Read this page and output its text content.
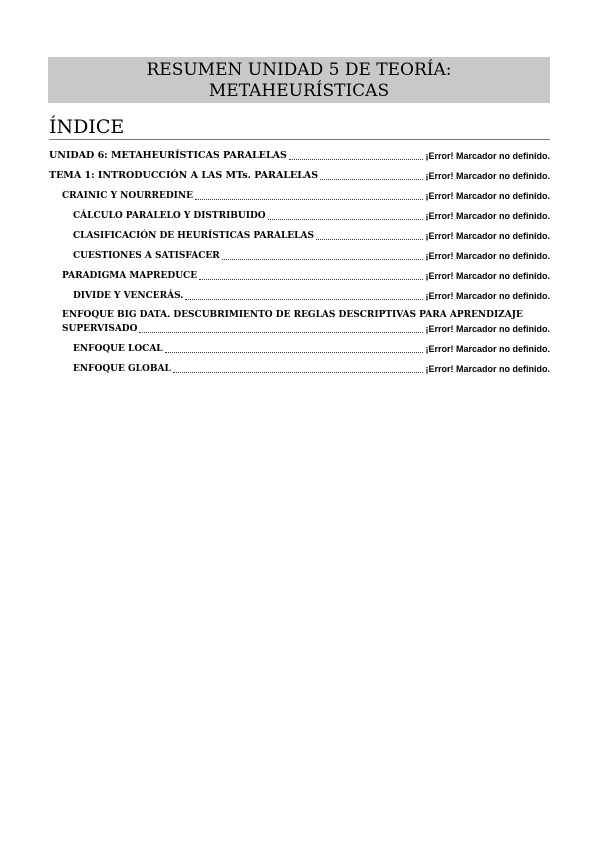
RESUMEN UNIDAD 5 DE TEORÍA:
METAHEURÍSTICAS
ÍNDICE
UNIDAD 6: METAHEURÍSTICAS PARALELAS	¡Error! Marcador no definido.
TEMA 1: INTRODUCCIÓN A LAS MTs. PARALELAS	¡Error! Marcador no definido.
CRAINIC Y NOURREDINE	¡Error! Marcador no definido.
CÁLCULO PARALELO Y DISTRIBUIDO	¡Error! Marcador no definido.
CLASIFICACIÓN DE HEURÍSTICAS PARALELAS	¡Error! Marcador no definido.
CUESTIONES A SATISFACER	¡Error! Marcador no definido.
PARADIGMA MAPREDUCE	¡Error! Marcador no definido.
DIVIDE Y VENCERÁS.	¡Error! Marcador no definido.
ENFOQUE BIG DATA. DESCUBRIMIENTO DE REGLAS DESCRIPTIVAS PARA APRENDIZAJE
SUPERVISADO	¡Error! Marcador no definido.
ENFOQUE LOCAL	¡Error! Marcador no definido.
ENFOQUE GLOBAL	¡Error! Marcador no definido.
